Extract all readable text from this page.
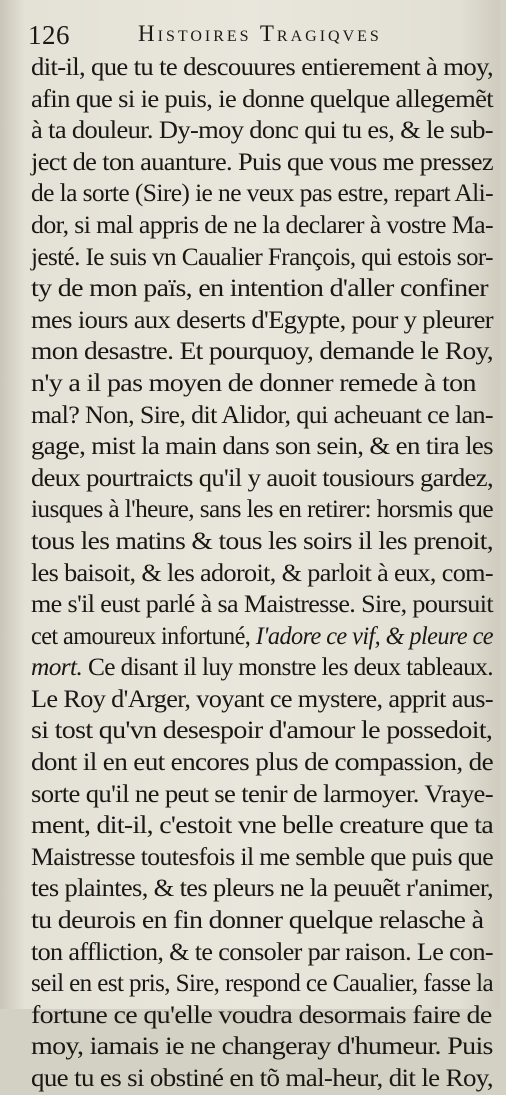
126	Histoires Tragiqves
dit-il, que tu te descouures entierement à moy,
afin que si ie puis, ie donne quelque allegemẽt
à ta douleur. Dy-moy donc qui tu es, & le sub-
ject de ton auanture. Puis que vous me pressez
de la sorte (Sire) ie ne veux pas estre, repart Ali-
dor, si mal appris de ne la declarer à vostre Ma-
jesté. Ie suis vn Caualier François, qui estois sor-
ty de mon païs, en intention d'aller confiner
mes iours aux deserts d'Egypte, pour y pleurer
mon desastre. Et pourquoy, demande le Roy,
n'y a il pas moyen de donner remede à ton
mal? Non, Sire, dit Alidor, qui acheuant ce lan-
gage, mist la main dans son sein, & en tira les
deux pourtraicts qu'il y auoit tousiours gardez,
iusques à l'heure, sans les en retirer: horsmis que
tous les matins & tous les soirs il les prenoit,
les baisoit, & les adoroit, & parloit à eux, com-
me s'il eust parlé à sa Maistresse. Sire, poursuit
cet amoureux infortuné, I'adore ce vif, & pleure ce
mort. Ce disant il luy monstre les deux tableaux.
Le Roy d'Arger, voyant ce mystere, apprit aus-
si tost qu'vn desespoir d'amour le possedoit,
dont il en eut encores plus de compassion, de
sorte qu'il ne peut se tenir de larmoyer. Vraye-
ment, dit-il, c'estoit vne belle creature que ta
Maistresse toutesfois il me semble que puis que
tes plaintes, & tes pleurs ne la peuuẽt r'animer,
tu deurois en fin donner quelque relasche à
ton affliction, & te consoler par raison. Le con-
seil en est pris, Sire, respond ce Caualier, fasse la
fortune ce qu'elle voudra desormais faire de
moy, iamais ie ne changeray d'humeur. Puis
que tu es si obstiné en tõ mal-heur, dit le Roy,
